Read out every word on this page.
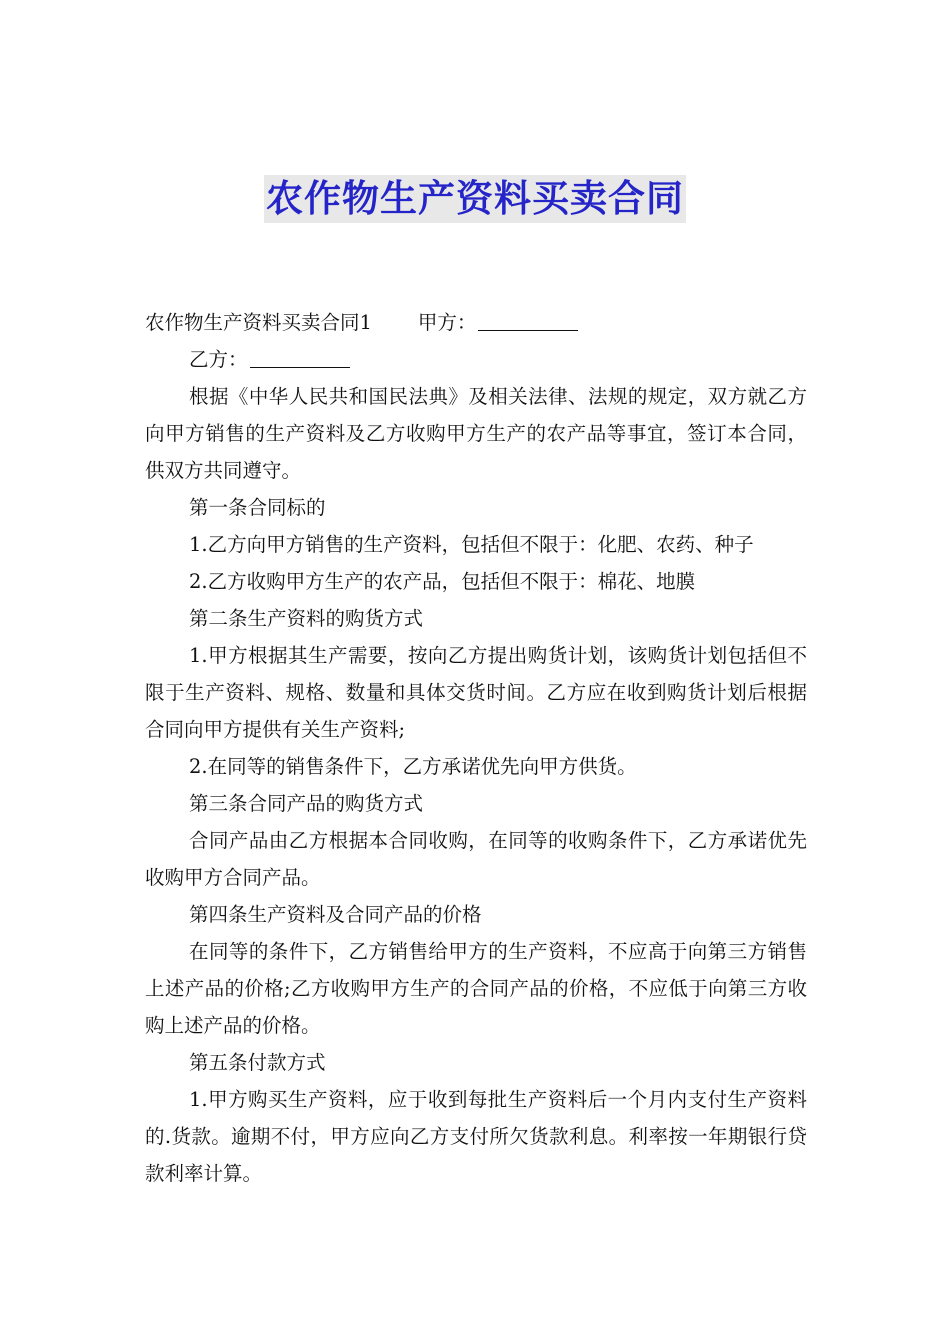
农作物生产资料买卖合同

农作物生产资料买卖合同1 甲方：

乙方：

根据《中华人民共和国民法典》及相关法律、法规的规定，双方就乙方向甲方销售的生产资料及乙方收购甲方生产的农产品等事宜，签订本合同，供双方共同遵守。

第一条合同标的

1.乙方向甲方销售的生产资料，包括但不限于：化肥、农药、种子

2.乙方收购甲方生产的农产品，包括但不限于：棉花、地膜

第二条生产资料的购货方式

1.甲方根据其生产需要，按向乙方提出购货计划，该购货计划包括但不限于生产资料、规格、数量和具体交货时间。乙方应在收到购货计划后根据合同向甲方提供有关生产资料;

2.在同等的销售条件下，乙方承诺优先向甲方供货。

第三条合同产品的购货方式

合同产品由乙方根据本合同收购，在同等的收购条件下，乙方承诺优先收购甲方合同产品。

第四条生产资料及合同产品的价格

在同等的条件下，乙方销售给甲方的生产资料，不应高于向第三方销售上述产品的价格;乙方收购甲方生产的合同产品的价格，不应低于向第三方收购上述产品的价格。

第五条付款方式

1.甲方购买生产资料，应于收到每批生产资料后一个月内支付生产资料的.货款。逾期不付，甲方应向乙方支付所欠货款利息。利率按一年期银行贷款利率计算。
